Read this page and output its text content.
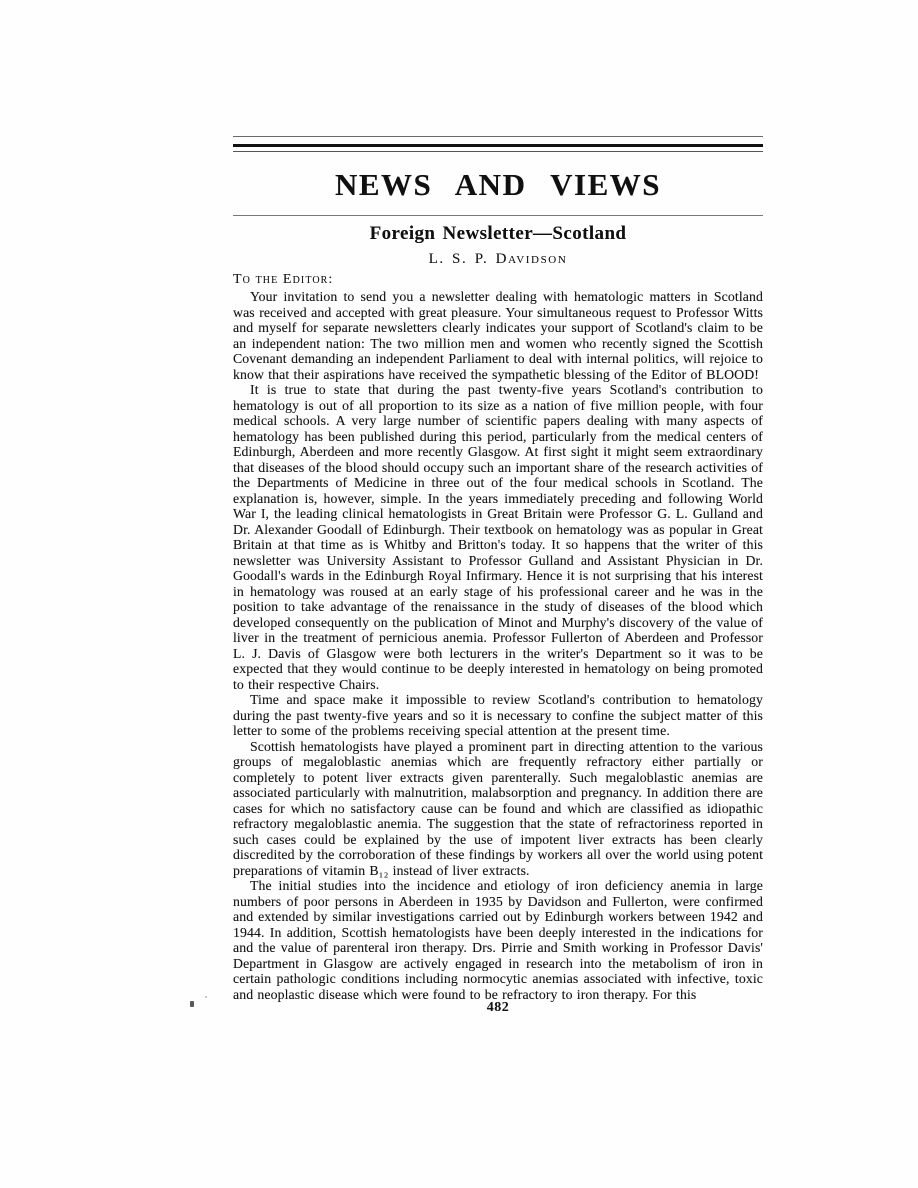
NEWS AND VIEWS
Foreign Newsletter—Scotland
L. S. P. Davidson
To the Editor:

Your invitation to send you a newsletter dealing with hematologic matters in Scotland was received and accepted with great pleasure. Your simultaneous request to Professor Witts and myself for separate newsletters clearly indicates your support of Scotland's claim to be an independent nation: The two million men and women who recently signed the Scottish Covenant demanding an independent Parliament to deal with internal politics, will rejoice to know that their aspirations have received the sympathetic blessing of the Editor of BLOOD!

It is true to state that during the past twenty-five years Scotland's contribution to hematology is out of all proportion to its size as a nation of five million people, with four medical schools. A very large number of scientific papers dealing with many aspects of hematology has been published during this period, particularly from the medical centers of Edinburgh, Aberdeen and more recently Glasgow. At first sight it might seem extraordinary that diseases of the blood should occupy such an important share of the research activities of the Departments of Medicine in three out of the four medical schools in Scotland. The explanation is, however, simple. In the years immediately preceding and following World War I, the leading clinical hematologists in Great Britain were Professor G. L. Gulland and Dr. Alexander Goodall of Edinburgh. Their textbook on hematology was as popular in Great Britain at that time as is Whitby and Britton's today. It so happens that the writer of this newsletter was University Assistant to Professor Gulland and Assistant Physician in Dr. Goodall's wards in the Edinburgh Royal Infirmary. Hence it is not surprising that his interest in hematology was roused at an early stage of his professional career and he was in the position to take advantage of the renaissance in the study of diseases of the blood which developed consequently on the publication of Minot and Murphy's discovery of the value of liver in the treatment of pernicious anemia. Professor Fullerton of Aberdeen and Professor L. J. Davis of Glasgow were both lecturers in the writer's Department so it was to be expected that they would continue to be deeply interested in hematology on being promoted to their respective Chairs.

Time and space make it impossible to review Scotland's contribution to hematology during the past twenty-five years and so it is necessary to confine the subject matter of this letter to some of the problems receiving special attention at the present time.

Scottish hematologists have played a prominent part in directing attention to the various groups of megaloblastic anemias which are frequently refractory either partially or completely to potent liver extracts given parenterally. Such megaloblastic anemias are associated particularly with malnutrition, malabsorption and pregnancy. In addition there are cases for which no satisfactory cause can be found and which are classified as idiopathic refractory megaloblastic anemia. The suggestion that the state of refractoriness reported in such cases could be explained by the use of impotent liver extracts has been clearly discredited by the corroboration of these findings by workers all over the world using potent preparations of vitamin B₁₂ instead of liver extracts.

The initial studies into the incidence and etiology of iron deficiency anemia in large numbers of poor persons in Aberdeen in 1935 by Davidson and Fullerton, were confirmed and extended by similar investigations carried out by Edinburgh workers between 1942 and 1944. In addition, Scottish hematologists have been deeply interested in the indications for and the value of parenteral iron therapy. Drs. Pirrie and Smith working in Professor Davis' Department in Glasgow are actively engaged in research into the metabolism of iron in certain pathologic conditions including normocytic anemias associated with infective, toxic and neoplastic disease which were found to be refractory to iron therapy. For this

482
